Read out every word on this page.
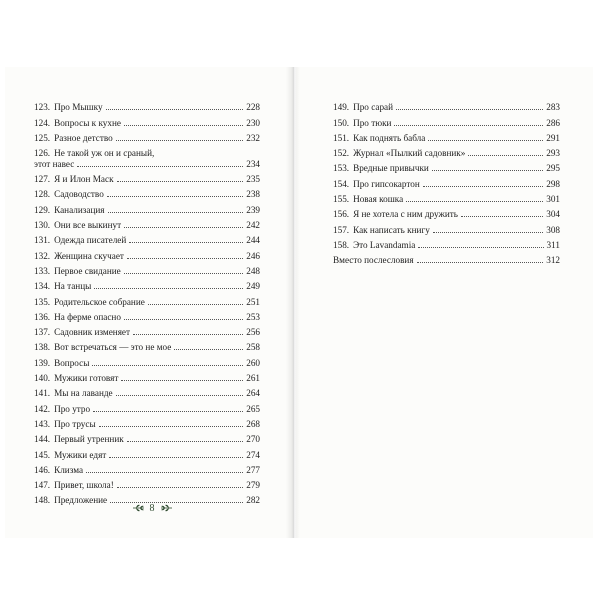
123. Про Мышку	228
124. Вопросы к кухне	230
125. Разное детство	232
126. Не такой уж он и сраный,
этот навес	234
127. Я и Илон Маск	235
128. Садоводство	238
129. Канализация	239
130. Они все выкинут	242
131. Одежда писателей	244
132. Женщина скучает	246
133. Первое свидание	248
134. На танцы	249
135. Родительское собрание	251
136. На ферме опасно	253
137. Садовник изменяет	256
138. Вот встречаться — это не мое	258
139. Вопросы	260
140. Мужики готовят	261
141. Мы на лаванде	264
142. Про утро	265
143. Про трусы	268
144. Первый утренник	270
145. Мужики едят	274
146. Клизма	277
147. Привет, школа!	279
148. Предложение	282
149. Про сарай	283
150. Про тюки	286
151. Как поднять бабла	291
152. Журнал «Пылкий садовник»	293
153. Вредные привычки	295
154. Про гипсокартон	298
155. Новая кошка	301
156. Я не хотела с ним дружить	304
157. Как написать книгу	308
158. Это Lavandamia	311
Вместо послесловия	312
8
